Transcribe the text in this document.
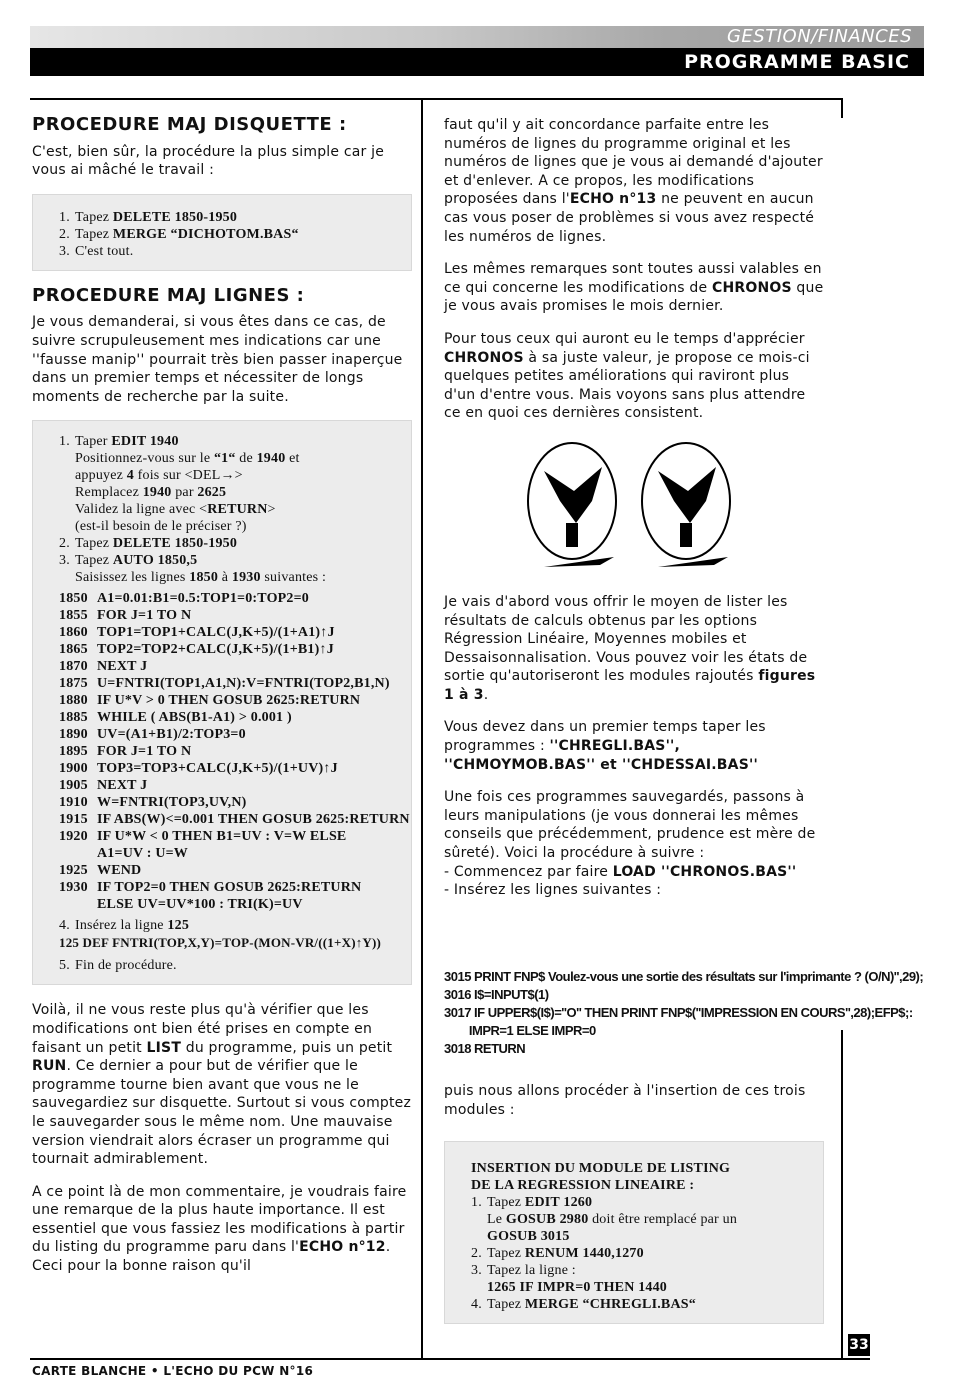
GESTION/FINANCES
PROGRAMME BASIC
PROCEDURE MAJ DISQUETTE :

C'est, bien sûr, la procédure la plus simple car je vous ai mâché le travail :

1. Tapez DELETE 1850-1950
2. Tapez MERGE “DICHOTOM.BAS“
3. C'est tout.
PROCEDURE MAJ LIGNES :

Je vous demanderai, si vous êtes dans ce cas, de suivre scrupuleusement mes indications car une ''fausse manip'' pourrait très bien passer inaperçue dans un premier temps et nécessiter de longs moments de recherche par la suite.

1. Taper EDIT 1940
Positionnez-vous sur le “1“ de 1940 et
appuyez 4 fois sur <DEL→>
Remplacez 1940 par 2625
Validez la ligne avec <RETURN>
(est-il besoin de le préciser ?)
2. Tapez DELETE 1850-1950
3. Tapez AUTO 1850,5
Saisissez les lignes 1850 à 1930 suivantes :
1850 A1=0.01:B1=0.5:TOP1=0:TOP2=0
1855 FOR J=1 TO N
1860 TOP1=TOP1+CALC(J,K+5)/(1+A1)↑J
1865 TOP2=TOP2+CALC(J,K+5)/(1+B1)↑J
1870 NEXT J
1875 U=FNTRI(TOP1,A1,N):V=FNTRI(TOP2,B1,N)
1880 IF U*V > 0 THEN GOSUB 2625:RETURN
1885 WHILE ( ABS(B1-A1) > 0.001 )
1890 UV=(A1+B1)/2:TOP3=0
1895 FOR J=1 TO N
1900 TOP3=TOP3+CALC(J,K+5)/(1+UV)↑J
1905 NEXT J
1910 W=FNTRI(TOP3,UV,N)
1915 IF ABS(W)<=0.001 THEN GOSUB 2625:RETURN
1920 IF U*W < 0 THEN B1=UV : V=W ELSE
A1=UV : U=W
1925 WEND
1930 IF TOP2=0 THEN GOSUB 2625:RETURN
ELSE UV=UV*100 : TRI(K)=UV
4. Insérez la ligne 125
125 DEF FNTRI(TOP,X,Y)=TOP-(MON-VR/((1+X)↑Y))
5. Fin de procédure.

Voilà, il ne vous reste plus qu'à vérifier que les modifications ont bien été prises en compte en faisant un petit LIST du programme, puis un petit RUN. Ce dernier a pour but de vérifier que le programme tourne bien avant que vous ne le sauvegardiez sur disquette. Surtout si vous comptez le sauvegarder sous le même nom. Une mauvaise version viendrait alors écraser un programme qui tournait admirablement.

A ce point là de mon commentaire, je voudrais faire une remarque de la plus haute importance. Il est essentiel que vous fassiez les modifications à partir du listing du programme paru dans l'ECHO n°12. Ceci pour la bonne raison qu'il

faut qu'il y ait concordance parfaite entre les numéros de lignes du programme original et les numéros de lignes que je vous ai demandé d'ajouter et d'enlever. A ce propos, les modifications proposées dans l'ECHO n°13 ne peuvent en aucun cas vous poser de problèmes si vous avez respecté les numéros de lignes.

Les mêmes remarques sont toutes aussi valables en ce qui concerne les modifications de CHRONOS que je vous avais promises le mois dernier.

Pour tous ceux qui auront eu le temps d'apprécier CHRONOS à sa juste valeur, je propose ce mois-ci quelques petites améliorations qui raviront plus d'un d'entre vous. Mais voyons sans plus attendre ce en quoi ces dernières consistent.

Je vais d'abord vous offrir le moyen de lister les résultats de calculs obtenus par les options Régression Linéaire, Moyennes mobiles et Dessaisonnalisation. Vous pouvez voir les états de sortie qu'autoriseront les modules rajoutés figures 1 à 3.

Vous devez dans un premier temps taper les programmes : ''CHREGLI.BAS'', ''CHMOYMOB.BAS'' et ''CHDESSAI.BAS''

Une fois ces programmes sauvegardés, passons à leurs manipulations (je vous donnerai les mêmes conseils que précédemment, prudence est mère de sûreté). Voici la procédure à suivre :

- Commencez par faire LOAD ''CHRONOS.BAS''
- Insérez les lignes suivantes :
3015 PRINT FNP$ Voulez-vous une sortie des résultats sur l'imprimante ? (O/N)'',29);
3016 I$=INPUT$(1)
3017 IF UPPER$(I$)=''O'' THEN PRINT FNP$(''IMPRESSION EN COURS'',28);EFP$;:
IMPR=1 ELSE IMPR=0
3018 RETURN

puis nous allons procéder à l'insertion de ces trois modules :

INSERTION DU MODULE DE LISTING
DE LA REGRESSION LINEAIRE :
1. Tapez EDIT 1260
Le GOSUB 2980 doit être remplacé par un
GOSUB 3015
2. Tapez RENUM 1440,1270
3. Tapez la ligne :
1265 IF IMPR=0 THEN 1440
4. Tapez MERGE “CHREGLI.BAS“
33
CARTE BLANCHE • L'ECHO DU PCW N°16
